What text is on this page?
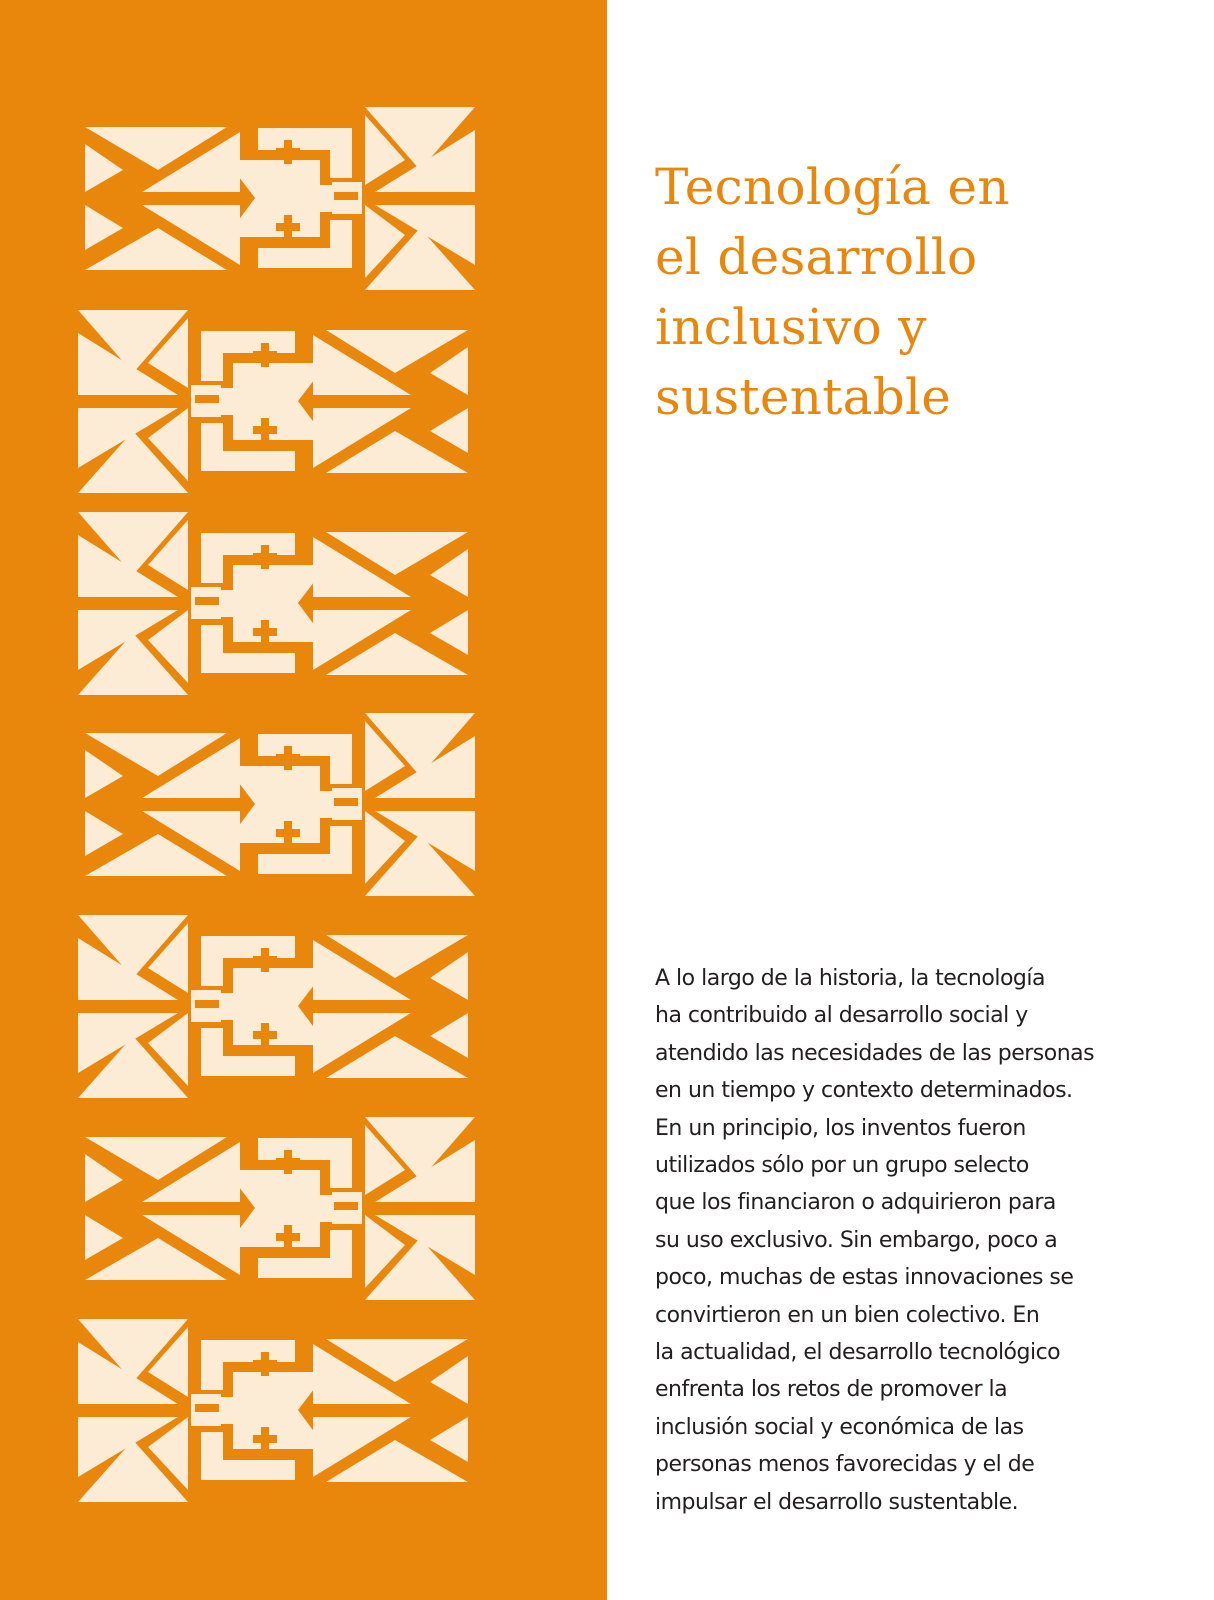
Tecnología en
el desarrollo
inclusivo y
sustentable
A lo largo de la historia, la tecnología
ha contribuido al desarrollo social y
atendido las necesidades de las personas
en un tiempo y contexto determinados.
En un principio, los inventos fueron
utilizados sólo por un grupo selecto
que los financiaron o adquirieron para
su uso exclusivo. Sin embargo, poco a
poco, muchas de estas innovaciones se
convirtieron en un bien colectivo. En
la actualidad, el desarrollo tecnológico
enfrenta los retos de promover la
inclusión social y económica de las
personas menos favorecidas y el de
impulsar el desarrollo sustentable.
